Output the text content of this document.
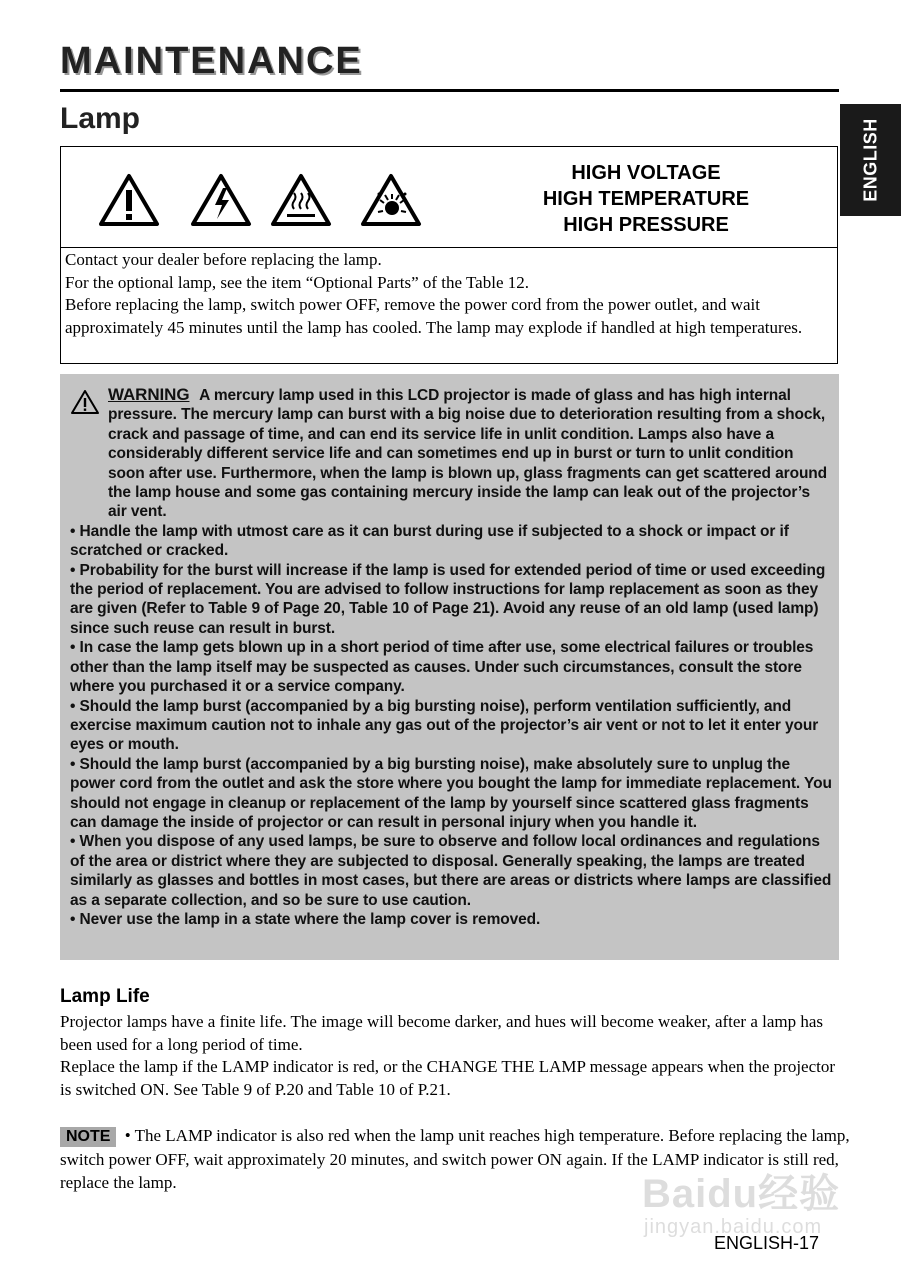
MAINTENANCE
Lamp	ENGLISH
HIGH VOLTAGE
HIGH TEMPERATURE
HIGH PRESSURE

Contact your dealer before replacing the lamp.

For the optional lamp, see the item “Optional Parts” of the Table 12.

Before replacing the lamp, switch power OFF, remove the power cord from the power outlet, and wait approximately 45 minutes until the lamp has cooled. The lamp may explode if handled at high temperatures.

WARNING A mercury lamp used in this LCD projector is made of glass and has high internal pressure. The mercury lamp can burst with a big noise due to deterioration resulting from a shock, crack and passage of time, and can end its service life in unlit condition. Lamps also have a considerably different service life and can sometimes end up in burst or turn to unlit condition soon after use. Furthermore, when the lamp is blown up, glass fragments can get scattered around the lamp house and some gas containing mercury inside the lamp can leak out of the projector’s air vent.

• Handle the lamp with utmost care as it can burst during use if subjected to a shock or impact or if scratched or cracked.

• Probability for the burst will increase if the lamp is used for extended period of time or used exceeding the period of replacement. You are advised to follow instructions for lamp replacement as soon as they are given (Refer to Table 9 of Page 20, Table 10 of Page 21). Avoid any reuse of an old lamp (used lamp) since such reuse can result in burst.

• In case the lamp gets blown up in a short period of time after use, some electrical failures or troubles other than the lamp itself may be suspected as causes. Under such circumstances, consult the store where you purchased it or a service company.

• Should the lamp burst (accompanied by a big bursting noise), perform ventilation sufficiently, and exercise maximum caution not to inhale any gas out of the projector’s air vent or not to let it enter your eyes or mouth.

• Should the lamp burst (accompanied by a big bursting noise), make absolutely sure to unplug the power cord from the outlet and ask the store where you bought the lamp for immediate replacement. You should not engage in cleanup or replacement of the lamp by yourself since scattered glass fragments can damage the inside of projector or can result in personal injury when you handle it.

• When you dispose of any used lamps, be sure to observe and follow local ordinances and regulations of the area or district where they are subjected to disposal. Generally speaking, the lamps are treated similarly as glasses and bottles in most cases, but there are areas or districts where lamps are classified as a separate collection, and so be sure to use caution.

• Never use the lamp in a state where the lamp cover is removed.

Lamp Life

Projector lamps have a finite life. The image will become darker, and hues will become weaker, after a lamp has been used for a long period of time.

Replace the lamp if the LAMP indicator is red, or the CHANGE THE LAMP message appears when the projector is switched ON. See Table 9 of P.20 and Table 10 of P.21.

NOTE • The LAMP indicator is also red when the lamp unit reaches high temperature. Before replacing the lamp, switch power OFF, wait approximately 20 minutes, and switch power ON again. If the LAMP indicator is still red, replace the lamp.	Baidu经验
jingyan.baidu.com
ENGLISH-17
